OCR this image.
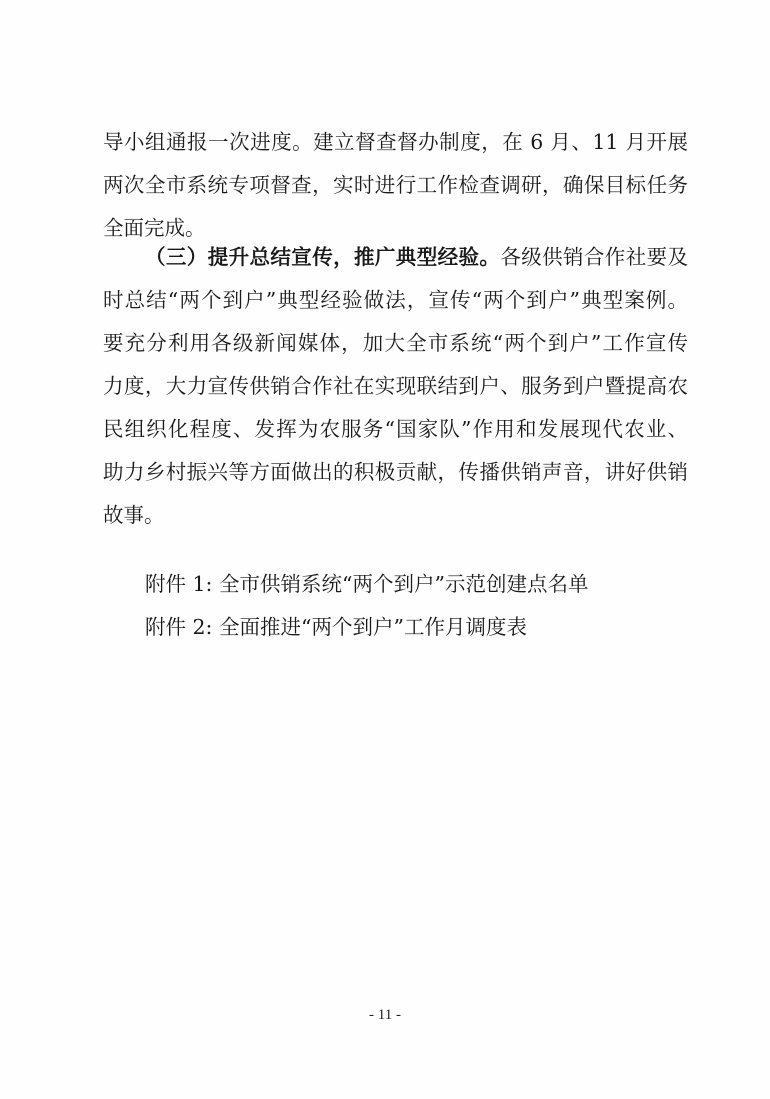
导小组通报一次进度。建立督查督办制度，在 6 月、11 月开展
两次全市系统专项督查，实时进行工作检查调研，确保目标任务
全面完成。
（三）提升总结宣传，推广典型经验。各级供销合作社要及
时总结“两个到户”典型经验做法，宣传“两个到户”典型案例。
要充分利用各级新闻媒体，加大全市系统“两个到户”工作宣传
力度，大力宣传供销合作社在实现联结到户、服务到户暨提高农
民组织化程度、发挥为农服务“国家队”作用和发展现代农业、
助力乡村振兴等方面做出的积极贡献，传播供销声音，讲好供销
故事。
附件 1: 全市供销系统“两个到户”示范创建点名单
附件 2: 全面推进“两个到户”工作月调度表
- 11 -
